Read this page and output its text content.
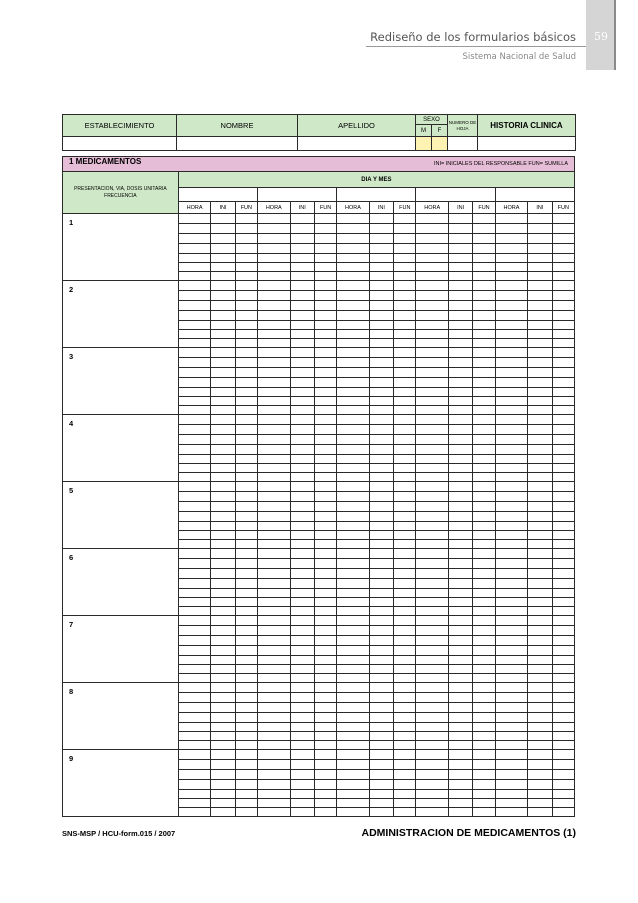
59
Rediseño de los formularios básicos
Sistema Nacional de Salud
ESTABLECIMIENTO	NOMBRE	APELLIDO	SEXO		NUMERO DE HOJA	HISTORIA CLINICA
			M	F		

1 MEDICAMENTOS INI= INICIALES DEL RESPONSABLE FUN= SUMILLA															

PRESENTACION, VIA, DOSIS UNITARIA FRECUENCIA	DIA Y MES														

	HORA	INI	FUN	HORA	INI	FUN	HORA	INI	FUN	HORA	INI	FUN	HORA	INI	FUN
1															

2															

3															

4															

5															

6															

7															

8															

9															

SNS-MSP / HCU-form.015 / 2007	ADMINISTRACION DE MEDICAMENTOS (1)
